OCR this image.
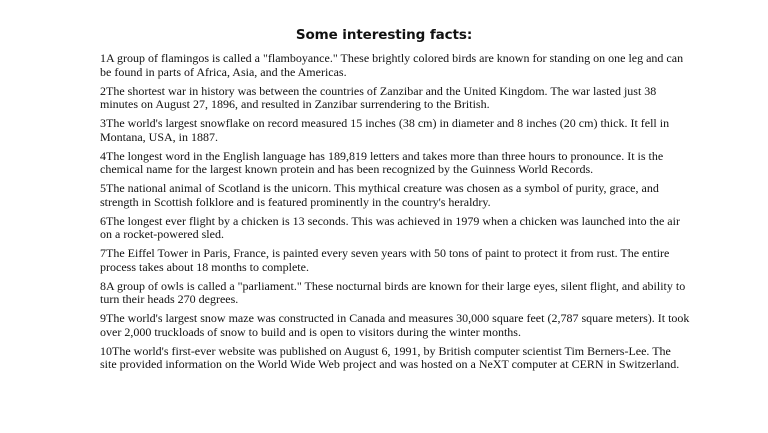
Some interesting facts:
1A group of flamingos is called a "flamboyance." These brightly colored birds are known for standing on one leg and can be found in parts of Africa, Asia, and the Americas.
2The shortest war in history was between the countries of Zanzibar and the United Kingdom. The war lasted just 38 minutes on August 27, 1896, and resulted in Zanzibar surrendering to the British.
3The world's largest snowflake on record measured 15 inches (38 cm) in diameter and 8 inches (20 cm) thick. It fell in Montana, USA, in 1887.
4The longest word in the English language has 189,819 letters and takes more than three hours to pronounce. It is the chemical name for the largest known protein and has been recognized by the Guinness World Records.
5The national animal of Scotland is the unicorn. This mythical creature was chosen as a symbol of purity, grace, and strength in Scottish folklore and is featured prominently in the country's heraldry.
6The longest ever flight by a chicken is 13 seconds. This was achieved in 1979 when a chicken was launched into the air on a rocket-powered sled.
7The Eiffel Tower in Paris, France, is painted every seven years with 50 tons of paint to protect it from rust. The entire process takes about 18 months to complete.
8A group of owls is called a "parliament." These nocturnal birds are known for their large eyes, silent flight, and ability to turn their heads 270 degrees.
9The world's largest snow maze was constructed in Canada and measures 30,000 square feet (2,787 square meters). It took over 2,000 truckloads of snow to build and is open to visitors during the winter months.
10The world's first-ever website was published on August 6, 1991, by British computer scientist Tim Berners-Lee. The site provided information on the World Wide Web project and was hosted on a NeXT computer at CERN in Switzerland.
